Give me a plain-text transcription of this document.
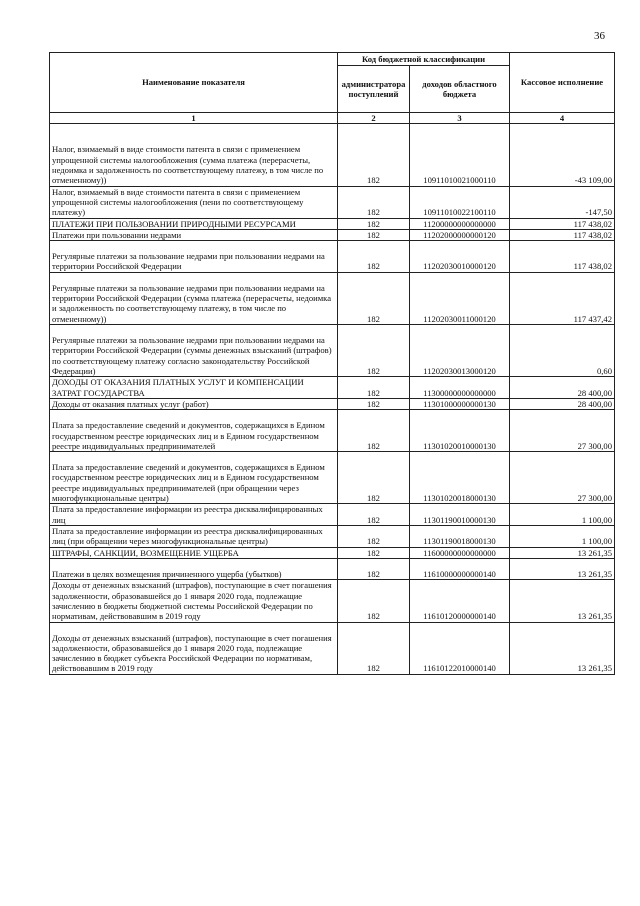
36
Наименование показателя	Код бюджетной классификации		Кассовое исполнение
	администратора поступлений	доходов областного бюджета	
1	2	3	4
Налог, взимаемый в виде стоимости патента в связи с применением упрощенной системы налогообложения (сумма платежа (перерасчеты, недоимка и задолженность по соответствующему платежу, в том числе по отмененному))	182	10911010021000110	-43 109,00
Налог, взимаемый в виде стоимости патента в связи с применением упрощенной системы налогообложения (пени по соответствующему платежу)	182	10911010022100110	-147,50
ПЛАТЕЖИ ПРИ ПОЛЬЗОВАНИИ ПРИРОДНЫМИ РЕСУРСАМИ	182	11200000000000000	117 438,02
Платежи при пользовании недрами	182	11202000000000120	117 438,02
Регулярные платежи за пользование недрами при пользовании недрами на территории Российской Федерации	182	11202030010000120	117 438,02
Регулярные платежи за пользование недрами при пользовании недрами на территории Российской Федерации (сумма платежа (перерасчеты, недоимка и задолженность по соответствующему платежу, в том числе по отмененному))	182	11202030011000120	117 437,42
Регулярные платежи за пользование недрами при пользовании недрами на территории Российской Федерации (суммы денежных взысканий (штрафов) по соответствующему платежу согласно законодательству Российской Федерации)	182	11202030013000120	0,60
ДОХОДЫ ОТ ОКАЗАНИЯ ПЛАТНЫХ УСЛУГ И КОМПЕНСАЦИИ ЗАТРАТ ГОСУДАРСТВА	182	11300000000000000	28 400,00
Доходы от оказания платных услуг (работ)	182	11301000000000130	28 400,00
Плата за предоставление сведений и документов, содержащихся в Едином государственном реестре юридических лиц и в Едином государственном реестре индивидуальных предпринимателей	182	11301020010000130	27 300,00
Плата за предоставление сведений и документов, содержащихся в Едином государственном реестре юридических лиц и в Едином государственном реестре индивидуальных предпринимателей (при обращении через многофункциональные центры)	182	11301020018000130	27 300,00
Плата за предоставление информации из реестра дисквалифицированных лиц	182	11301190010000130	1 100,00
Плата за предоставление информации из реестра дисквалифицированных лиц (при обращении через многофункциональные центры)	182	11301190018000130	1 100,00
ШТРАФЫ, САНКЦИИ, ВОЗМЕЩЕНИЕ УЩЕРБА	182	11600000000000000	13 261,35
Платежи в целях возмещения причиненного ущерба (убытков)	182	11610000000000140	13 261,35
Доходы от денежных взысканий (штрафов), поступающие в счет погашения задолженности, образовавшейся до 1 января 2020 года, подлежащие зачислению в бюджеты бюджетной системы Российской Федерации по нормативам, действовавшим в 2019 году	182	11610120000000140	13 261,35
Доходы от денежных взысканий (штрафов), поступающие в счет погашения задолженности, образовавшейся до 1 января 2020 года, подлежащие зачислению в бюджет субъекта Российской Федерации по нормативам, действовавшим в 2019 году	182	11610122010000140	13 261,35
